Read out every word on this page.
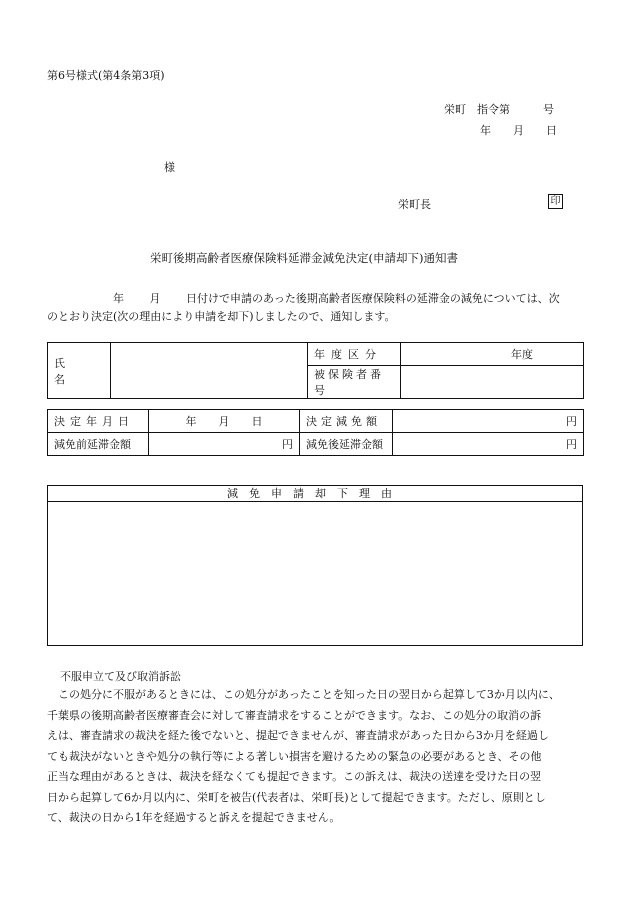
第6号様式(第4条第3項)
栄町　指令第　　　号
年　　月　　日
様
栄町長	印
栄町後期高齢者医療保険料延滞金減免決定(申請却下)通知書
　　　　　　年　　 月　　 日付けで申請のあった後期高齢者医療保険料の延滞金の減免については、次
のとおり決定(次の理由により申請を却下)しましたので、通知します。
氏　　　名		年度区分	年度
		被保険者番号	
決定年月日	年　　月　　日	決定減免額	円
減免前延滞金額	円	減免後延滞金額	円
減免申請却下理由
不服申立て及び取消訴訟
　この処分に不服があるときには、この処分があったことを知った日の翌日から起算して3か月以内に、
千葉県の後期高齢者医療審査会に対して審査請求をすることができます。なお、この処分の取消の訴
えは、審査請求の裁決を経た後でないと、提起できませんが、審査請求があった日から3か月を経過し
ても裁決がないときや処分の執行等による著しい損害を避けるための緊急の必要があるとき、その他
正当な理由があるときは、裁決を経なくても提起できます。この訴えは、裁決の送達を受けた日の翌
日から起算して6か月以内に、栄町を被告(代表者は、栄町長)として提起できます。ただし、原則とし
て、裁決の日から1年を経過すると訴えを提起できません。
